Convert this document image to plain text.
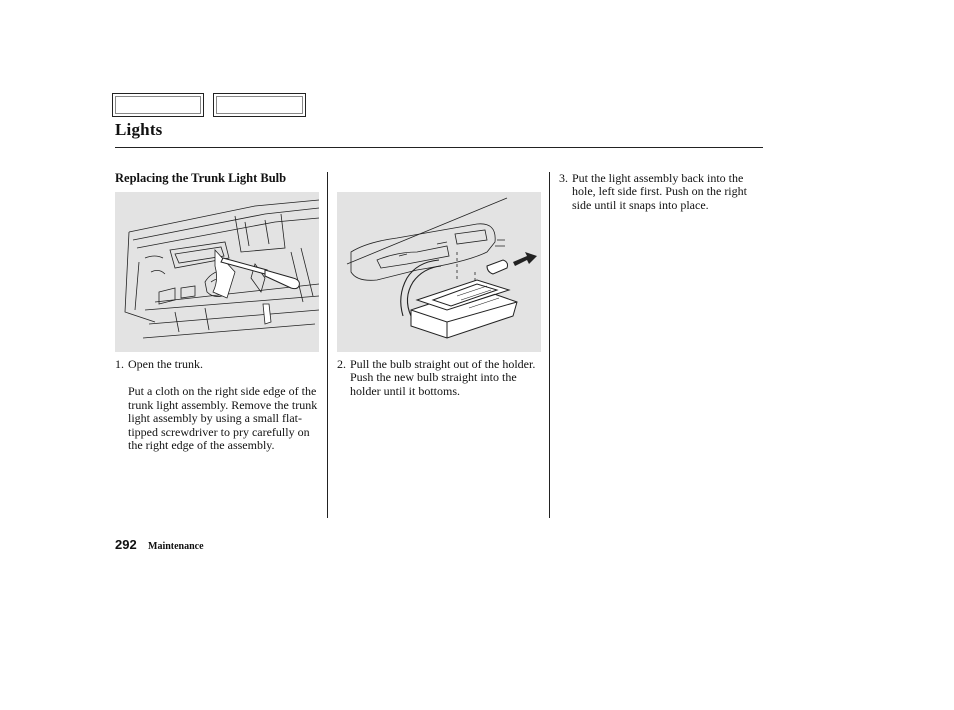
Lights
Replacing the Trunk Light Bulb
1. Open the trunk.

Put a cloth on the right side edge of the trunk light assembly. Remove the trunk light assembly by using a small flat-tipped screwdriver to pry carefully on the right edge of the assembly.

2. Pull the bulb straight out of the holder. Push the new bulb straight into the holder until it bottoms.

3. Put the light assembly back into the hole, left side first. Push on the right side until it snaps into place.

292 Maintenance
